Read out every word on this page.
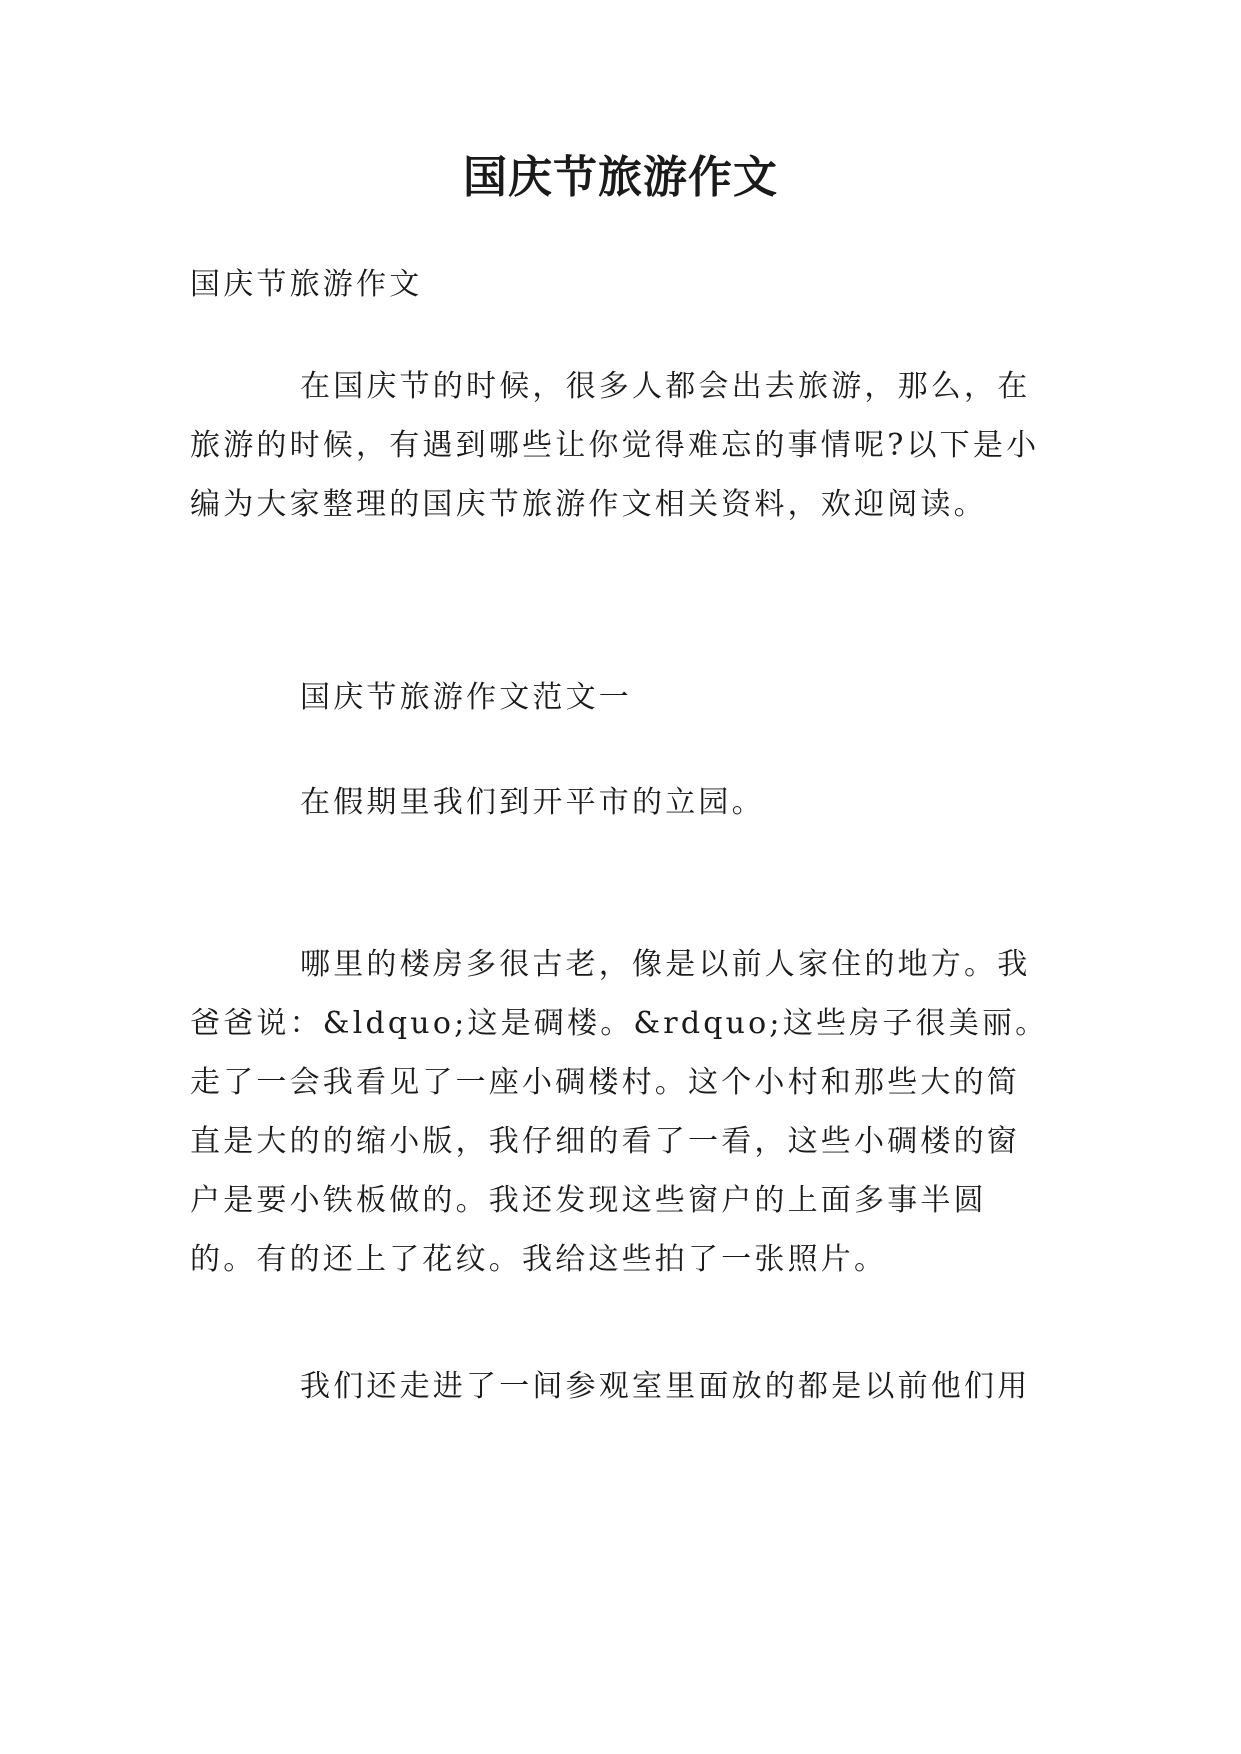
国庆节旅游作文

国庆节旅游作文

在国庆节的时候，很多人都会出去旅游，那么，在旅游的时候，有遇到哪些让你觉得难忘的事情呢?以下是小编为大家整理的国庆节旅游作文相关资料，欢迎阅读。

国庆节旅游作文范文一

在假期里我们到开平市的立园。

哪里的楼房多很古老，像是以前人家住的地方。我爸爸说：&ldquo;这是碉楼。&rdquo;这些房子很美丽。走了一会我看见了一座小碉楼村。这个小村和那些大的简直是大的的缩小版，我仔细的看了一看，这些小碉楼的窗户是要小铁板做的。我还发现这些窗户的上面多事半圆的。有的还上了花纹。我给这些拍了一张照片。

我们还走进了一间参观室里面放的都是以前他们用
